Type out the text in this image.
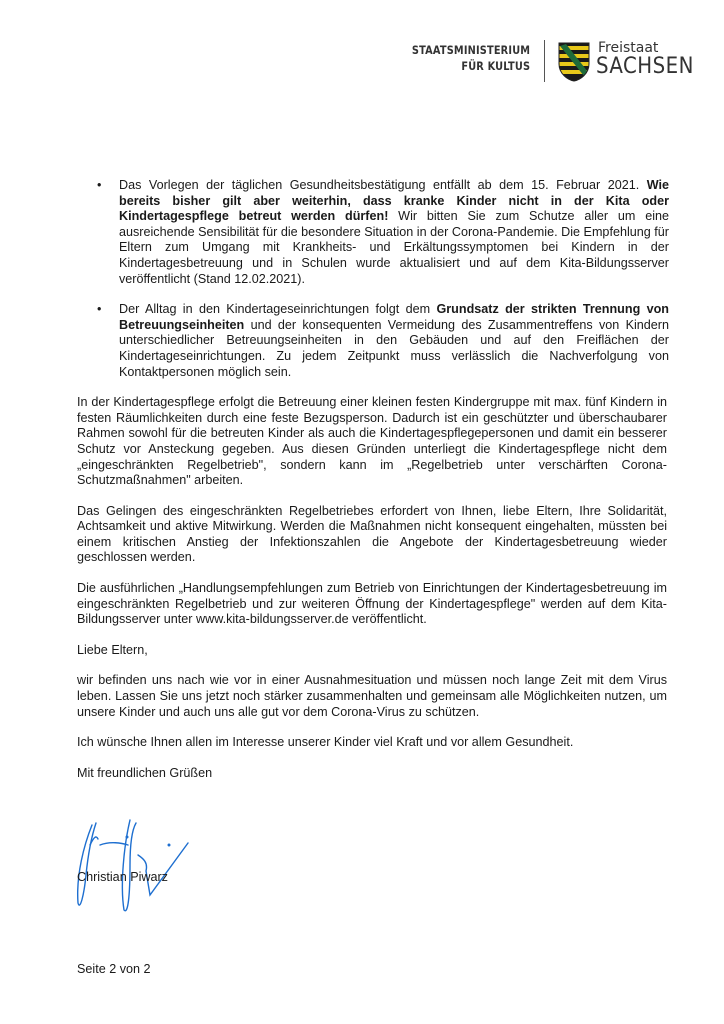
STAATSMINISTERIUM
FÜR KULTUS
Freistaat
SACHSEN
• Das Vorlegen der täglichen Gesundheitsbestätigung entfällt ab dem 15. Februar 2021. Wie bereits bisher gilt aber weiterhin, dass kranke Kinder nicht in der Kita oder Kindertagespflege betreut werden dürfen! Wir bitten Sie zum Schutze aller um eine ausreichende Sensibilität für die besondere Situation in der Corona-Pandemie. Die Empfehlung für Eltern zum Umgang mit Krankheits- und Erkältungssymptomen bei Kindern in der Kindertagesbetreuung und in Schulen wurde aktualisiert und auf dem Kita-Bildungsserver veröffentlicht (Stand 12.02.2021).
• Der Alltag in den Kindertageseinrichtungen folgt dem Grundsatz der strikten Trennung von Betreuungseinheiten und der konsequenten Vermeidung des Zusammentreffens von Kindern unterschiedlicher Betreuungseinheiten in den Gebäuden und auf den Freiflächen der Kindertageseinrichtungen. Zu jedem Zeitpunkt muss verlässlich die Nachverfolgung von Kontaktpersonen möglich sein.

In der Kindertagespflege erfolgt die Betreuung einer kleinen festen Kindergruppe mit max. fünf Kindern in festen Räumlichkeiten durch eine feste Bezugsperson. Dadurch ist ein geschützter und überschaubarer Rahmen sowohl für die betreuten Kinder als auch die Kindertagespflegepersonen und damit ein besserer Schutz vor Ansteckung gegeben. Aus diesen Gründen unterliegt die Kindertagespflege nicht dem „eingeschränkten Regelbetrieb", sondern kann im „Regelbetrieb unter verschärften Corona-Schutzmaßnahmen" arbeiten.

Das Gelingen des eingeschränkten Regelbetriebes erfordert von Ihnen, liebe Eltern, Ihre Solidarität, Achtsamkeit und aktive Mitwirkung. Werden die Maßnahmen nicht konsequent eingehalten, müssten bei einem kritischen Anstieg der Infektionszahlen die Angebote der Kindertagesbetreuung wieder geschlossen werden.

Die ausführlichen „Handlungsempfehlungen zum Betrieb von Einrichtungen der Kindertagesbetreuung im eingeschränkten Regelbetrieb und zur weiteren Öffnung der Kindertagespflege" werden auf dem Kita-Bildungsserver unter www.kita-bildungsserver.de veröffentlicht.

Liebe Eltern,

wir befinden uns nach wie vor in einer Ausnahmesituation und müssen noch lange Zeit mit dem Virus leben. Lassen Sie uns jetzt noch stärker zusammenhalten und gemeinsam alle Möglichkeiten nutzen, um unsere Kinder und auch uns alle gut vor dem Corona-Virus zu schützen.

Ich wünsche Ihnen allen im Interesse unserer Kinder viel Kraft und vor allem Gesundheit.

Mit freundlichen Grüßen

Christian Piwarz
Seite 2 von 2
